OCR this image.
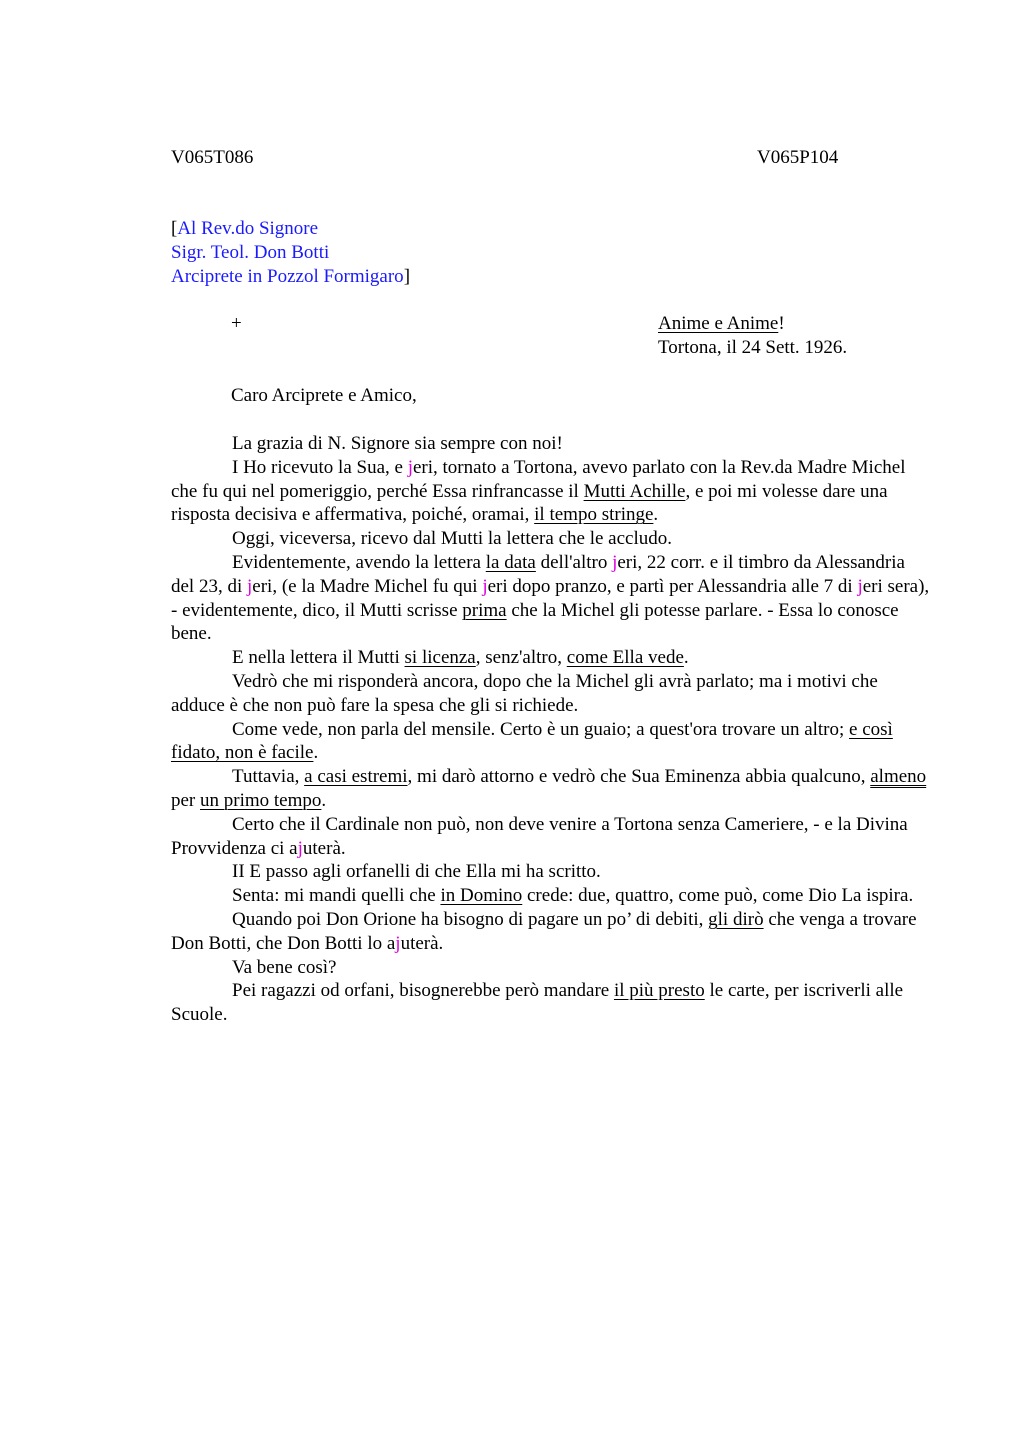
V065T086	V065P104
[Al Rev.do Signore
Sigr. Teol. Don Botti
Arciprete in Pozzol Formigaro]
+	Anime e Anime!
Tortona, il 24 Sett. 1926.
Caro Arciprete e Amico,

La grazia di N. Signore sia sempre con noi!

I Ho ricevuto la Sua, e jeri, tornato a Tortona, avevo parlato con la Rev.da Madre Michel che fu qui nel pomeriggio, perché Essa rinfrancasse il Mutti Achille, e poi mi volesse dare una risposta decisiva e affermativa, poiché, oramai, il tempo stringe.

Oggi, viceversa, ricevo dal Mutti la lettera che le accludo.

Evidentemente, avendo la lettera la data dell'altro jeri, 22 corr. e il timbro da Alessandria del 23, di jeri, (e la Madre Michel fu qui jeri dopo pranzo, e partì per Alessandria alle 7 di jeri sera), - evidentemente, dico, il Mutti scrisse prima che la Michel gli potesse parlare. - Essa lo conosce bene.

E nella lettera il Mutti si licenza, senz'altro, come Ella vede.

Vedrò che mi risponderà ancora, dopo che la Michel gli avrà parlato; ma i motivi che adduce è che non può fare la spesa che gli si richiede.

Come vede, non parla del mensile. Certo è un guaio; a quest'ora trovare un altro; e così fidato, non è facile.

Tuttavia, a casi estremi, mi darò attorno e vedrò che Sua Eminenza abbia qualcuno, almeno per un primo tempo.

Certo che il Cardinale non può, non deve venire a Tortona senza Cameriere, - e la Divina Provvidenza ci ajuterà.

II E passo agli orfanelli di che Ella mi ha scritto.

Senta: mi mandi quelli che in Domino crede: due, quattro, come può, come Dio La ispira.

Quando poi Don Orione ha bisogno di pagare un po’ di debiti, gli dirò che venga a trovare Don Botti, che Don Botti lo ajuterà.

Va bene così?

Pei ragazzi od orfani, bisognerebbe però mandare il più presto le carte, per iscriverli alle Scuole.
